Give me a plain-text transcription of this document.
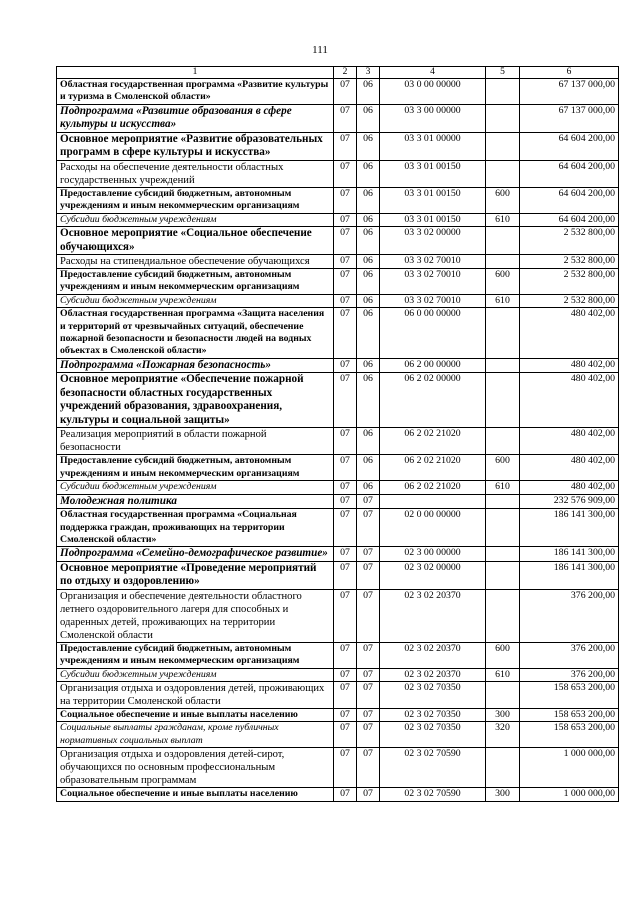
111
1	2	3	4	5	6
Областная государственная программа «Развитие культуры и туризма в Смоленской области»	07	06	03 0 00 00000		67 137 000,00
Подпрограмма «Развитие образования в сфере культуры и искусства»	07	06	03 3 00 00000		67 137 000,00
Основное мероприятие «Развитие образовательных программ в сфере культуры и искусства»	07	06	03 3 01 00000		64 604 200,00
Расходы на обеспечение деятельности областных государственных учреждений	07	06	03 3 01 00150		64 604 200,00
Предоставление субсидий бюджетным, автономным учреждениям и иным некоммерческим организациям	07	06	03 3 01 00150	600	64 604 200,00
Субсидии бюджетным учреждениям	07	06	03 3 01 00150	610	64 604 200,00
Основное мероприятие «Социальное обеспечение обучающихся»	07	06	03 3 02 00000		2 532 800,00
Расходы на стипендиальное обеспечение обучающихся	07	06	03 3 02 70010		2 532 800,00
Предоставление субсидий бюджетным, автономным учреждениям и иным некоммерческим организациям	07	06	03 3 02 70010	600	2 532 800,00
Субсидии бюджетным учреждениям	07	06	03 3 02 70010	610	2 532 800,00
Областная государственная программа «Защита населения и территорий от чрезвычайных ситуаций, обеспечение пожарной безопасности и безопасности людей на водных объектах в Смоленской области»	07	06	06 0 00 00000		480 402,00
Подпрограмма «Пожарная безопасность»	07	06	06 2 00 00000		480 402,00
Основное мероприятие «Обеспечение пожарной безопасности областных государственных учреждений образования, здравоохранения, культуры и социальной защиты»	07	06	06 2 02 00000		480 402,00
Реализация мероприятий в области пожарной безопасности	07	06	06 2 02 21020		480 402,00
Предоставление субсидий бюджетным, автономным учреждениям и иным некоммерческим организациям	07	06	06 2 02 21020	600	480 402,00
Субсидии бюджетным учреждениям	07	06	06 2 02 21020	610	480 402,00
Молодежная политика	07	07			232 576 909,00
Областная государственная программа «Социальная поддержка граждан, проживающих на территории Смоленской области»	07	07	02 0 00 00000		186 141 300,00
Подпрограмма «Семейно-демографическое развитие»	07	07	02 3 00 00000		186 141 300,00
Основное мероприятие «Проведение мероприятий по отдыху и оздоровлению»	07	07	02 3 02 00000		186 141 300,00
Организация и обеспечение деятельности областного летнего оздоровительного лагеря для способных и одаренных детей, проживающих на территории Смоленской области	07	07	02 3 02 20370		376 200,00
Предоставление субсидий бюджетным, автономным учреждениям и иным некоммерческим организациям	07	07	02 3 02 20370	600	376 200,00
Субсидии бюджетным учреждениям	07	07	02 3 02 20370	610	376 200,00
Организация отдыха и оздоровления детей, проживающих на территории Смоленской области	07	07	02 3 02 70350		158 653 200,00
Социальное обеспечение и иные выплаты населению	07	07	02 3 02 70350	300	158 653 200,00
Социальные выплаты гражданам, кроме публичных нормативных социальных выплат	07	07	02 3 02 70350	320	158 653 200,00
Организация отдыха и оздоровления детей-сирот, обучающихся по основным профессиональным образовательным программам	07	07	02 3 02 70590		1 000 000,00
Социальное обеспечение и иные выплаты населению	07	07	02 3 02 70590	300	1 000 000,00
